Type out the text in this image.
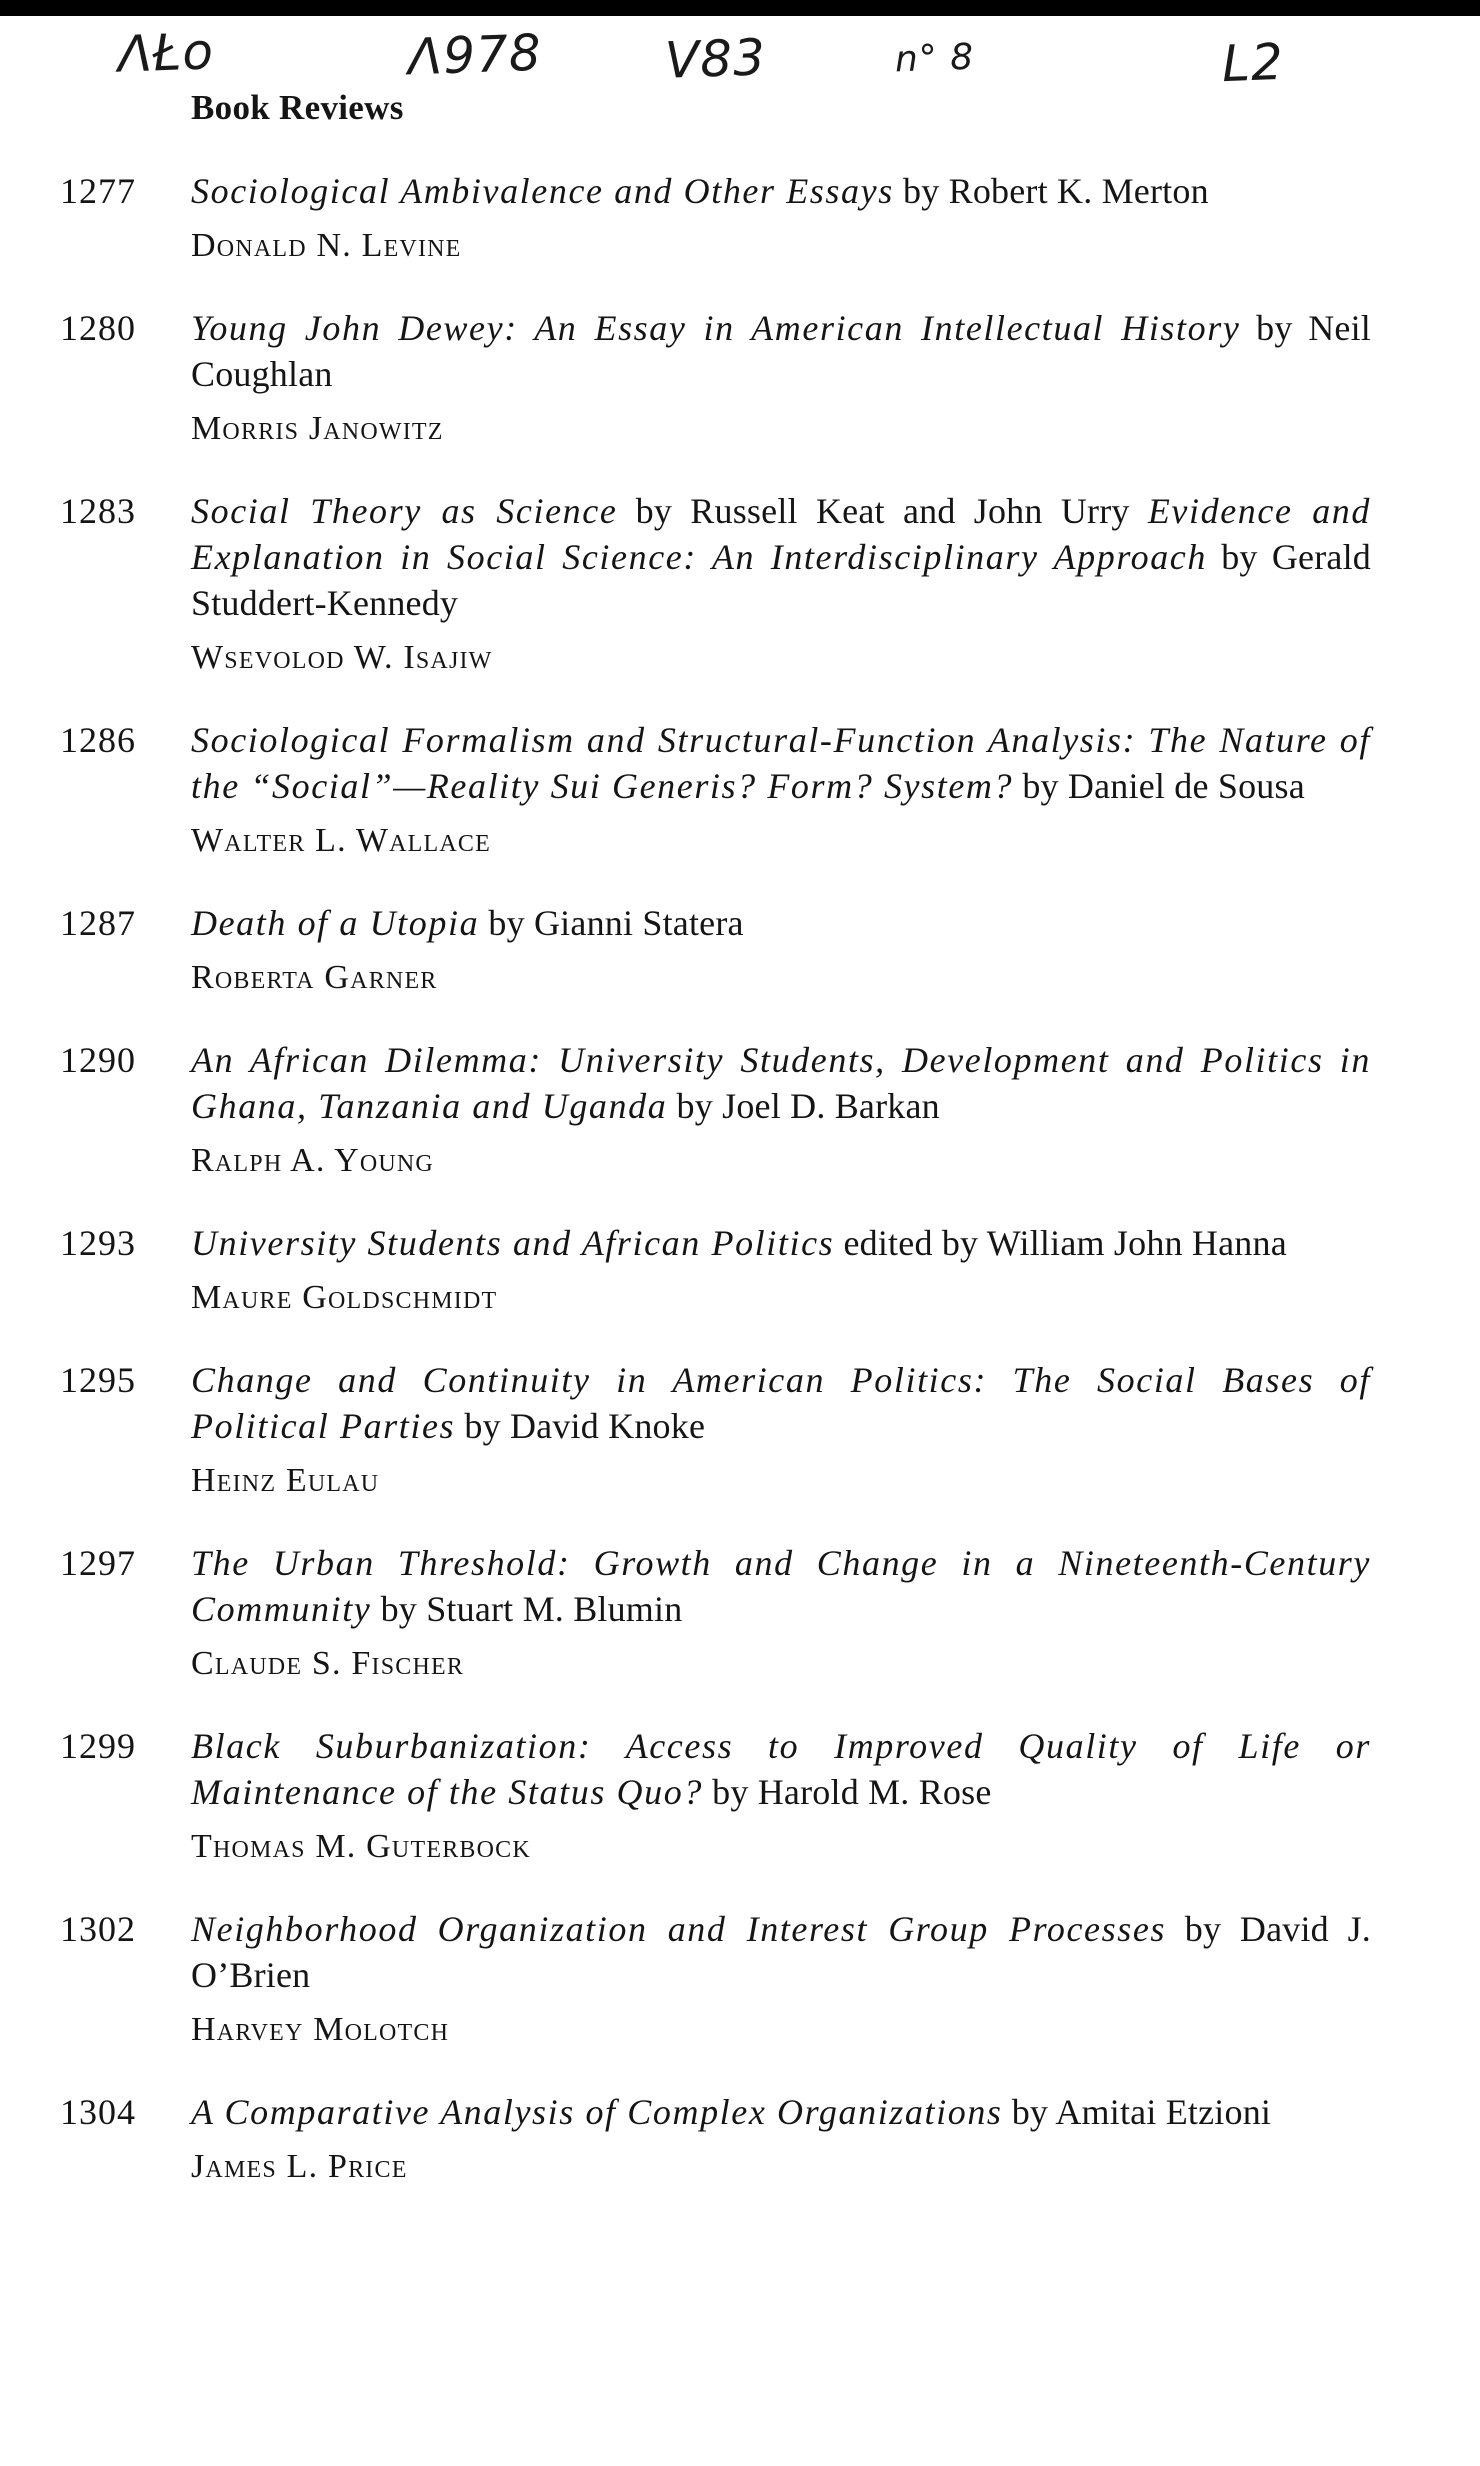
ΛŁо	Ʌ978 V83	n° 8	L2
Book Reviews
1277	Sociological Ambivalence and Other Essays by Robert K. Merton
Donald N. Levine
1280	Young John Dewey: An Essay in American Intellectual History by Neil Coughlan
Morris Janowitz
1283	Social Theory as Science by Russell Keat and John Urry Evidence and Explanation in Social Science: An Interdisciplinary Approach by Gerald Studdert-Kennedy
Wsevolod W. Isajiw
1286	Sociological Formalism and Structural-Function Analysis: The Nature of the “Social”—Reality Sui Generis? Form? System? by Daniel de Sousa
Walter L. Wallace
1287	Death of a Utopia by Gianni Statera
Roberta Garner
1290	An African Dilemma: University Students, Development and Politics in Ghana, Tanzania and Uganda by Joel D. Barkan
Ralph A. Young
1293	University Students and African Politics edited by William John Hanna
Maure Goldschmidt
1295	Change and Continuity in American Politics: The Social Bases of Political Parties by David Knoke
Heinz Eulau
1297	The Urban Threshold: Growth and Change in a Nineteenth-Century Community by Stuart M. Blumin
Claude S. Fischer
1299	Black Suburbanization: Access to Improved Quality of Life or Maintenance of the Status Quo? by Harold M. Rose
Thomas M. Guterbock
1302	Neighborhood Organization and Interest Group Processes by David J. O’Brien
Harvey Molotch
1304	A Comparative Analysis of Complex Organizations by Amitai Etzioni
James L. Price
